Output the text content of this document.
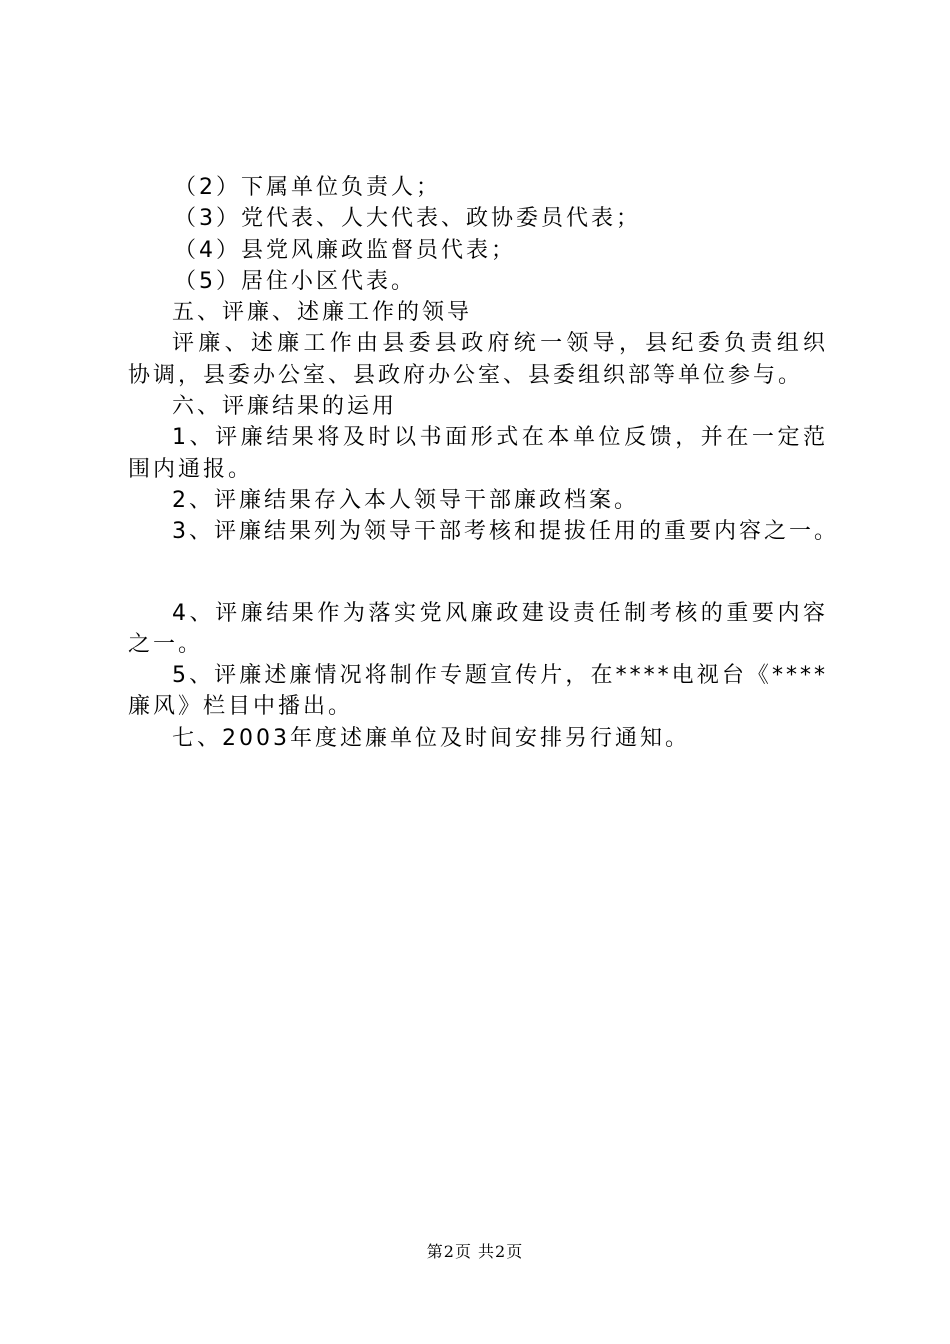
（2）下属单位负责人；
（3）党代表、人大代表、政协委员代表；
（4）县党风廉政监督员代表；
（5）居住小区代表。
五、评廉、述廉工作的领导
评廉、述廉工作由县委县政府统一领导，县纪委负责组织
协调，县委办公室、县政府办公室、县委组织部等单位参与。
六、评廉结果的运用
1、评廉结果将及时以书面形式在本单位反馈，并在一定范
围内通报。
2、评廉结果存入本人领导干部廉政档案。
3、评廉结果列为领导干部考核和提拔任用的重要内容之一。
4、评廉结果作为落实党风廉政建设责任制考核的重要内容
之一。
5、评廉述廉情况将制作专题宣传片，在****电视台《****
廉风》栏目中播出。
七、2003年度述廉单位及时间安排另行通知。
第2页 共2页
